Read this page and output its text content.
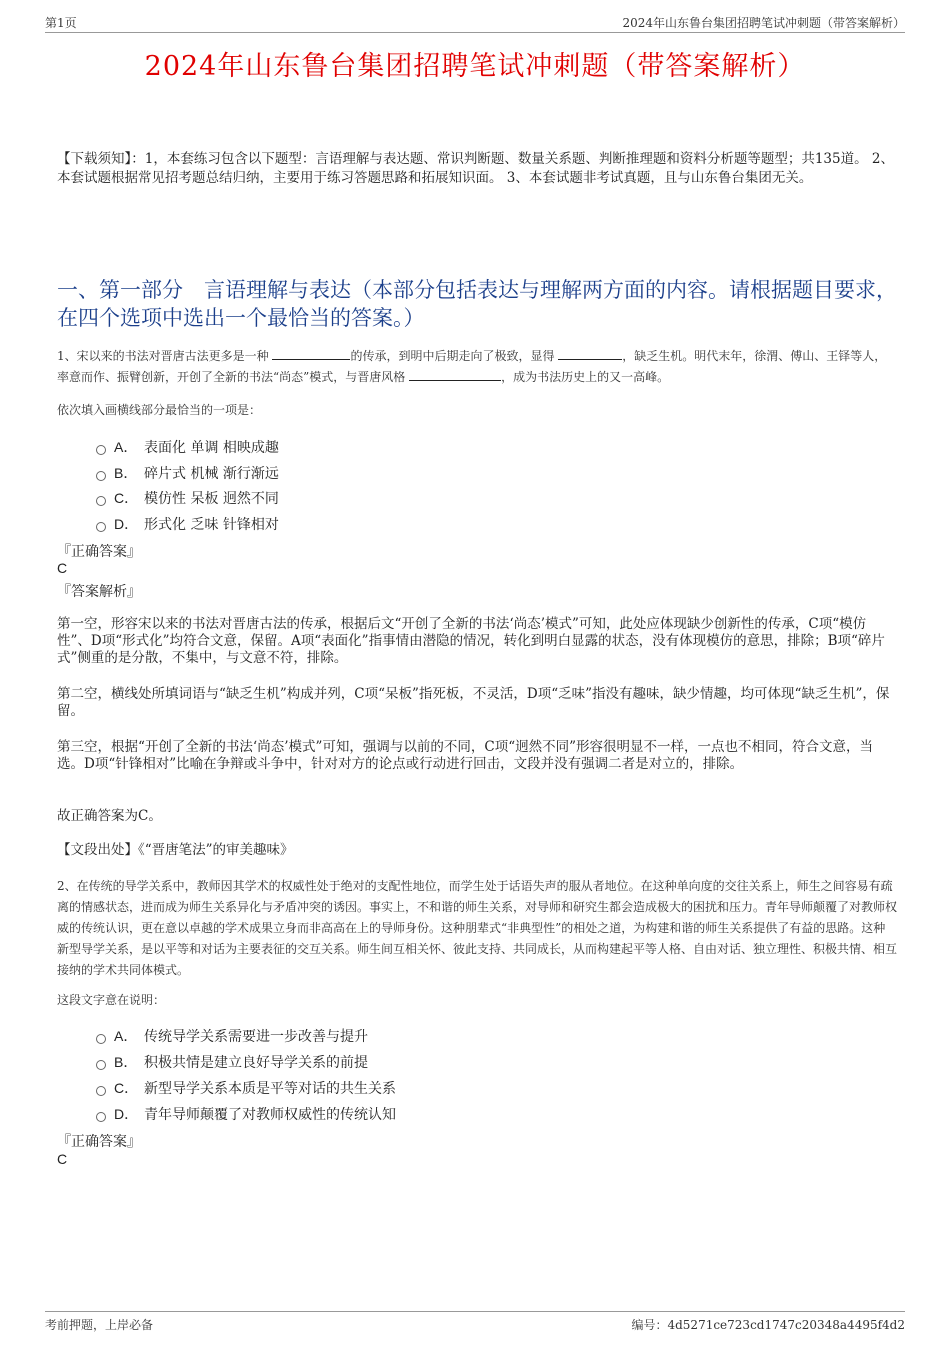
第1页	2024年山东鲁台集团招聘笔试冲刺题（带答案解析）
2024年山东鲁台集团招聘笔试冲刺题（带答案解析）
【下载须知】：1，本套练习包含以下题型：言语理解与表达题、常识判断题、数量关系题、判断推理题和资料分析题等题型；共135道。 2、本套试题根据常见招考题总结归纳，主要用于练习答题思路和拓展知识面。 3、本套试题非考试真题，且与山东鲁台集团无关。
一、第一部分　言语理解与表达（本部分包括表达与理解两方面的内容。请根据题目要求，在四个选项中选出一个最恰当的答案。）
1、宋以来的书法对晋唐古法更多是一种	的传承，到明中后期走向了极致，显得	，缺乏生机。明代末年，徐渭、傅山、王铎等人，率意而作、振臂创新，开创了全新的书法“尚态”模式，与晋唐风格	，成为书法历史上的又一高峰。
依次填入画横线部分最恰当的一项是：
A． 表面化 单调 相映成趣
B． 碎片式 机械 渐行渐远
C． 模仿性 呆板 迥然不同
D． 形式化 乏味 针锋相对
『正确答案』
C
『答案解析』
第一空，形容宋以来的书法对晋唐古法的传承，根据后文“开创了全新的书法‘尚态’模式”可知，此处应体现缺少创新性的传承，C项“模仿性”、D项“形式化”均符合文意，保留。A项“表面化”指事情由潜隐的情况，转化到明白显露的状态，没有体现模仿的意思，排除；B项“碎片式”侧重的是分散，不集中，与文意不符，排除。
第二空，横线处所填词语与“缺乏生机”构成并列，C项“呆板”指死板，不灵活，D项“乏味”指没有趣味，缺少情趣，均可体现“缺乏生机”，保留。
第三空，根据“开创了全新的书法‘尚态’模式”可知，强调与以前的不同，C项“迥然不同”形容很明显不一样，一点也不相同，符合文意，当选。D项“针锋相对”比喻在争辩或斗争中，针对对方的论点或行动进行回击，文段并没有强调二者是对立的，排除。
故正确答案为C。
【文段出处】《“晋唐笔法”的审美趣味》
2、在传统的导学关系中，教师因其学术的权威性处于绝对的支配性地位，而学生处于话语失声的服从者地位。在这种单向度的交往关系上，师生之间容易有疏离的情感状态，进而成为师生关系异化与矛盾冲突的诱因。事实上，不和谐的师生关系，对导师和研究生都会造成极大的困扰和压力。青年导师颠覆了对教师权威的传统认识，更在意以卓越的学术成果立身而非高高在上的导师身份。这种朋辈式“非典型性”的相处之道，为构建和谐的师生关系提供了有益的思路。这种新型导学关系，是以平等和对话为主要表征的交互关系。师生间互相关怀、彼此支持、共同成长，从而构建起平等人格、自由对话、独立理性、积极共情、相互接纳的学术共同体模式。
这段文字意在说明：
A． 传统导学关系需要进一步改善与提升
B． 积极共情是建立良好导学关系的前提
C． 新型导学关系本质是平等对话的共生关系
D． 青年导师颠覆了对教师权威性的传统认知
『正确答案』
C
考前押题，上岸必备	编号：4d5271ce723cd1747c20348a4495f4d2
